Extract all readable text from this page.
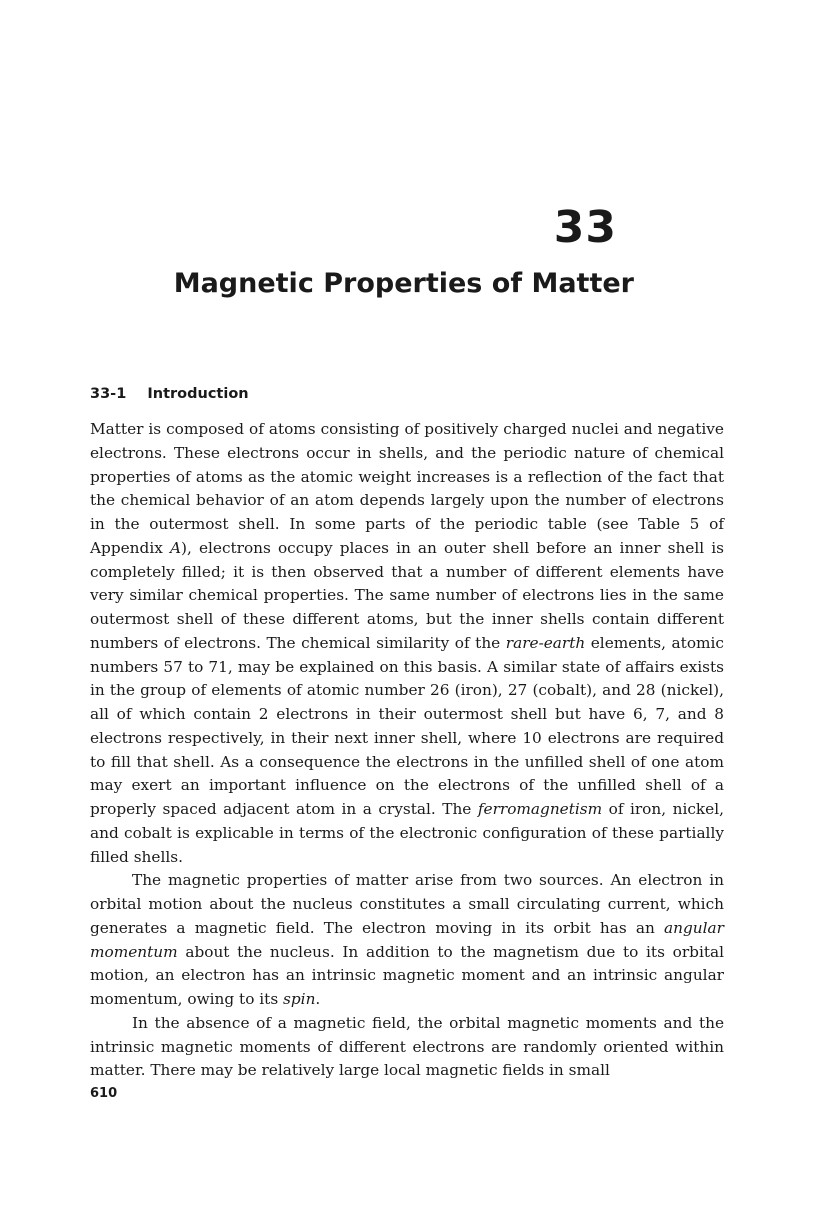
33
Magnetic Properties of Matter
33-1 Introduction

Matter is composed of atoms consisting of positively charged nuclei and negative electrons. These electrons occur in shells, and the periodic nature of chemical properties of atoms as the atomic weight increases is a reflection of the fact that the chemical behavior of an atom depends largely upon the number of electrons in the outermost shell. In some parts of the periodic table (see Table 5 of Appendix A), electrons occupy places in an outer shell before an inner shell is completely filled; it is then observed that a number of different elements have very similar chemical properties. The same number of electrons lies in the same outermost shell of these different atoms, but the inner shells contain different numbers of electrons. The chemical similarity of the rare-earth elements, atomic numbers 57 to 71, may be explained on this basis. A similar state of affairs exists in the group of elements of atomic number 26 (iron), 27 (cobalt), and 28 (nickel), all of which contain 2 electrons in their outermost shell but have 6, 7, and 8 electrons respectively, in their next inner shell, where 10 electrons are required to fill that shell. As a consequence the electrons in the unfilled shell of one atom may exert an important influence on the electrons of the unfilled shell of a properly spaced adjacent atom in a crystal. The ferromagnetism of iron, nickel, and cobalt is explicable in terms of the electronic configuration of these partially filled shells.

The magnetic properties of matter arise from two sources. An electron in orbital motion about the nucleus constitutes a small circulating current, which generates a magnetic field. The electron moving in its orbit has an angular momentum about the nucleus. In addition to the magnetism due to its orbital motion, an electron has an intrinsic magnetic moment and an intrinsic angular momentum, owing to its spin.

In the absence of a magnetic field, the orbital magnetic moments and the intrinsic magnetic moments of different electrons are randomly oriented within matter. There may be relatively large local magnetic fields in small

610
